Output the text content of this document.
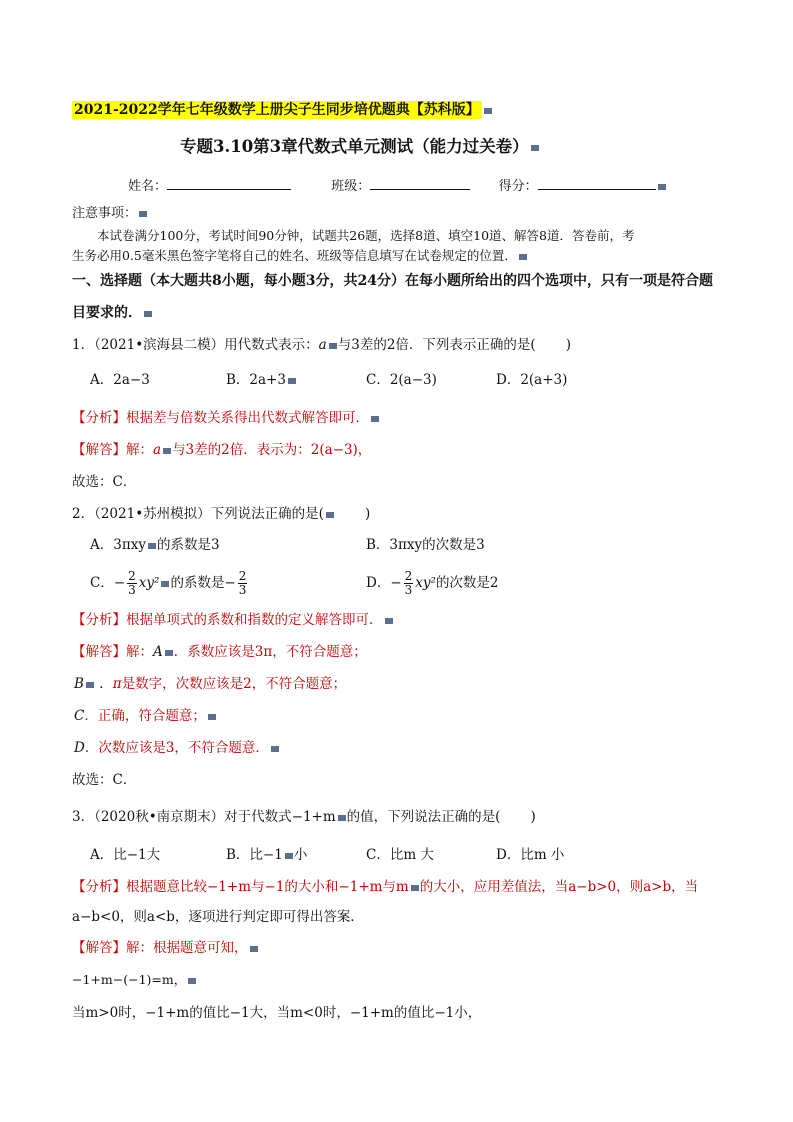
2021-2022学年七年级数学上册尖子生同步培优题典【苏科版】
专题3.10第3章代数式单元测试（能力过关卷）
姓名：	班级：	得分：
注意事项：
本试卷满分100分，考试时间90分钟，试题共26题，选择8道、填空10道、解答8道．答卷前，考
生务必用0.5毫米黑色签字笔将自己的姓名、班级等信息填写在试卷规定的位置．
一、选择题（本大题共8小题，每小题3分，共24分）在每小题所给出的四个选项中，只有一项是符合题
目要求的．
1．（2021•滨海县二模）用代数式表示：a 与3差的2倍．下列表示正确的是( )
A．2a−3	B．2a+3	C．2(a−3)	D．2(a+3)
【分析】根据差与倍数关系得出代数式解答即可．
【解答】解：a 与3差的2倍．表示为：2(a−3)，
故选：C．
2．（2021•苏州模拟）下列说法正确的是(	)
A．3πxy 的系数是3	B．3πxy的次数是3
C．− $\frac{2}{3} xy^2$ 的系数是− $\frac{2}{3}$	D．− $\frac{2}{3} xy^2$的次数是2
【分析】根据单项式的系数和指数的定义解答即可．
【解答】解：A ．系数应该是3π，不符合题意；
B
．π是数字，次数应该是2，不符合题意；
C．正确，符合题意；
D．次数应该是3，不符合题意．
故选：C．
3．（2020秋•南京期末）对于代数式−1+m 的值，下列说法正确的是( )
A．比−1大	B．比−1 小	C．比m 大	D．比m 小
【分析】根据题意比较−1+m与−1的大小和−1+m与m 的大小，应用差值法，当a−b>0，则a>b，当
a−b<0，则a<b，逐项进行判定即可得出答案．
【解答】解：根据题意可知，
−1+m−(−1)=m，
当m>0时，−1+m的值比−1大，当m<0时，−1+m的值比−1小，
